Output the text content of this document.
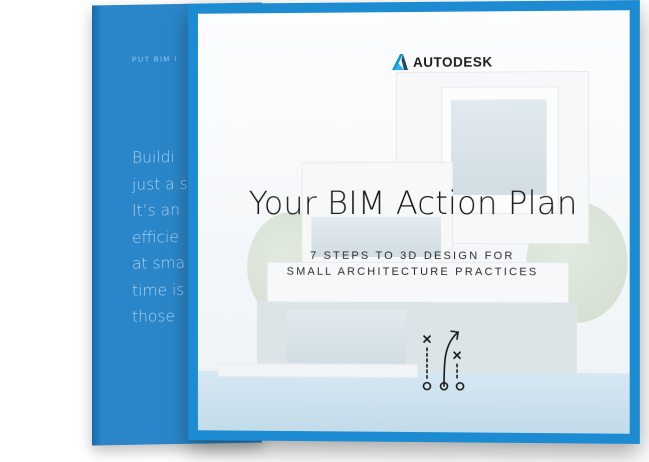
PUT BIM I
Buildi
just a s
It’s an
efficie
at sma
time is
those
AUTODESK
Your BIM Action Plan
7 STEPS TO 3D DESIGN FOR
SMALL ARCHITECTURE PRACTICES
